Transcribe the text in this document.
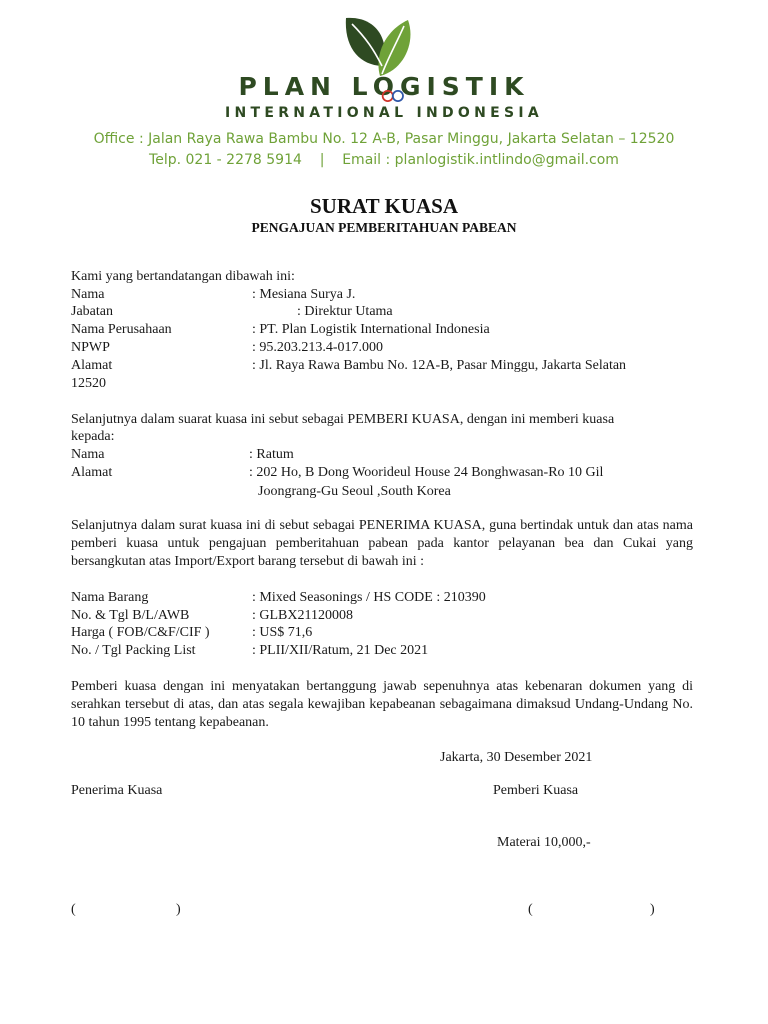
PLAN LOGISTIK
INTERNATIONAL INDONESIA
Office : Jalan Raya Rawa Bambu No. 12 A-B, Pasar Minggu, Jakarta Selatan – 12520
Telp. 021 - 2278 5914    |    Email : planlogistik.intlindo@gmail.com
SURAT KUASA
PENGAJUAN PEMBERITAHUAN PABEAN
Kami yang bertandatangan dibawah ini:
Nama	: Mesiana Surya J.
Jabatan	: Direktur Utama
Nama Perusahaan	: PT. Plan Logistik International Indonesia
NPWP	: 95.203.213.4-017.000
Alamat	: Jl. Raya Rawa Bambu No. 12A-B, Pasar Minggu, Jakarta Selatan
12520
Selanjutnya dalam suarat kuasa ini sebut sebagai PEMBERI KUASA, dengan ini memberi kuasa
kepada:
Nama	: Ratum
Alamat	: 202 Ho, B Dong Woorideul House 24 Bonghwasan-Ro 10 Gil
Joongrang-Gu Seoul ,South Korea
Selanjutnya dalam surat kuasa ini di sebut sebagai PENERIMA KUASA, guna bertindak untuk dan atas nama pemberi kuasa untuk pengajuan pemberitahuan pabean pada kantor pelayanan bea dan Cukai yang bersangkutan atas Import/Export barang tersebut di bawah ini :
Nama Barang	: Mixed Seasonings / HS CODE : 210390
No. & Tgl B/L/AWB	: GLBX21120008
Harga ( FOB/C&F/CIF )	: US$ 71,6
No. / Tgl Packing List	: PLII/XII/Ratum, 21 Dec 2021
Pemberi kuasa dengan ini menyatakan bertanggung jawab sepenuhnya atas kebenaran dokumen yang di serahkan tersebut di atas, dan atas segala kewajiban kepabeanan sebagaimana dimaksud Undang-Undang No. 10 tahun 1995 tentang kepabeanan.
Jakarta, 30 Desember 2021
Penerima Kuasa	Pemberi Kuasa
Materai 10,000,-
(	)	(	)
